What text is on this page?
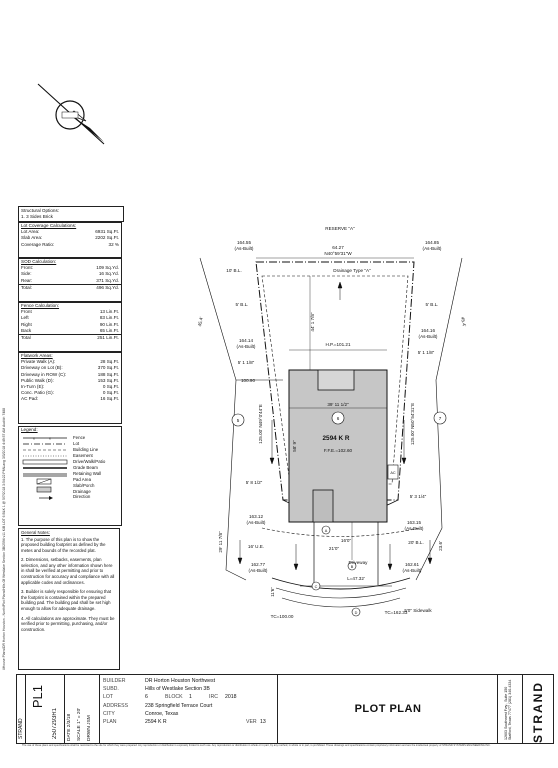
\\House Plans\DR Horton Houston - North\Plot Plans\Hills Of Westlake Section 3B\2594 v11 K\B LOT 6 BLK 1 @ 5/7/2018 3:54:22 PM\Lang 3/3/2018 4:49:57 AM Audit#: 7488
Structural Options:
1. 3 Sides Brick
Lot Coverage Calculations:
Lot Area:	6931 Sq.Ft.
Slab Area:	2202 Sq.Ft.
Coverage Ratio:	32 %
SOD Calculation:
Front:	109 Sq.Yd.
Side:	16 Sq.Yd.
Rear:	371 Sq.Yd.
Total:	496 Sq.Yd.
Fence Calculation:
Front	13 Lin.Ft.
Left	83 Lin.Ft.
Right	90 Lin.Ft.
Back	65 Lin.Ft.
Total	251 Lin.Ft.
Flatwork Areas:
Private Walk (A):	28 Sq.Ft.
Driveway on Lot (B):	370 Sq.Ft.
Driveway in ROW (C):	188 Sq.Ft.
Public Walk (D):	153 Sq.Ft.
In-Turn (E):	0 Sq.Ft.
Conc. Patio (G):	0 Sq.Ft.
AC Pad:	16 Sq.Ft.
Legend:
x	x	Fence
Lot
Building Line
Easement
Drive/Walk/Patio
Grade Beam
Retaining Wall
Pad Area
Slab/Porch
Drainage Direction
General Notes:
1. The purpose of this plan is to show the proposed building footprint as defined by the metes and bounds of the recorded plat.
2. Dimensions, setbacks, easements, plan selection, and any other information shown here in shall be verified at permitting and prior to construction for accuracy and compliance with all applicable codes and ordinances.
3. Builder is solely responsible for ensuring that the footprint is contained within the prepared building pad. The building pad shall be set high enough to allow for adequate drainage.
4. All calculations are approximate. They must be verified prior to permitting, purchasing, and/or construction.
RESERVE "A"
64.27
N40°59'31"W
Drainage Type "A"
10' B.L.
5' B.L.	5' B.L.
164.55
(As-Built)
164.85
(As-Built)
164.14
(As-Built)
164.16
(As-Built)
H.P.=101.21
5' 1 1/8"
5' 1 1/8"
100.90
5	7
6
39' 11 1/2"
2594 K R
F.F.E.=102.60
5' 8 1/2"
5' 3 1/4"
AC
163.12
(As-Built)	163.15
(As-Built)
20' B.L.
16' U.E.
16'0"
21'0"
Driveway
162.77
(As-Built)
162.61
(As-Built)
L=47.32'
5'0" Sidewalk
TC=100.00
TC=162.33
A
B
C
D
45.4'	45.4'
44' 1 7/8"
125.00' N49°0'44"E	125.00' N50°54'31"E
58' 9"
29' 11 7/8"	23.6'
11'6"
STRAND
PL1
2507293R1 DATE 2/3/18
SCALE 1" = 20'
DRWN JSM
BUILDER	DR Horton Houston Northwest
SUBD.	Hills of Westlake Section 3B
LOT	6	BLOCK	1	IRC	2018
ADDRESS	238 Springfield Terrace Court
CITY	Conroe, Texas
PLAN	2594 K R	VER 13
PLOT PLAN	12603 Southwest Fwy., Suite 150 Stafford, Texas 77477 (281) 340-4334	STRAND
The use of these plans and specifications shall be restricted to the site for which they were prepared. Any reproduction or distribution is expressly limited to such use. Any reproduction or distribution in whole or in part, by any method, in whole or in part, is prohibited. These drawings and specifications contain proprietary information and are the intellectual property of STRAND SYSTEMS ENGINEERING INC.
